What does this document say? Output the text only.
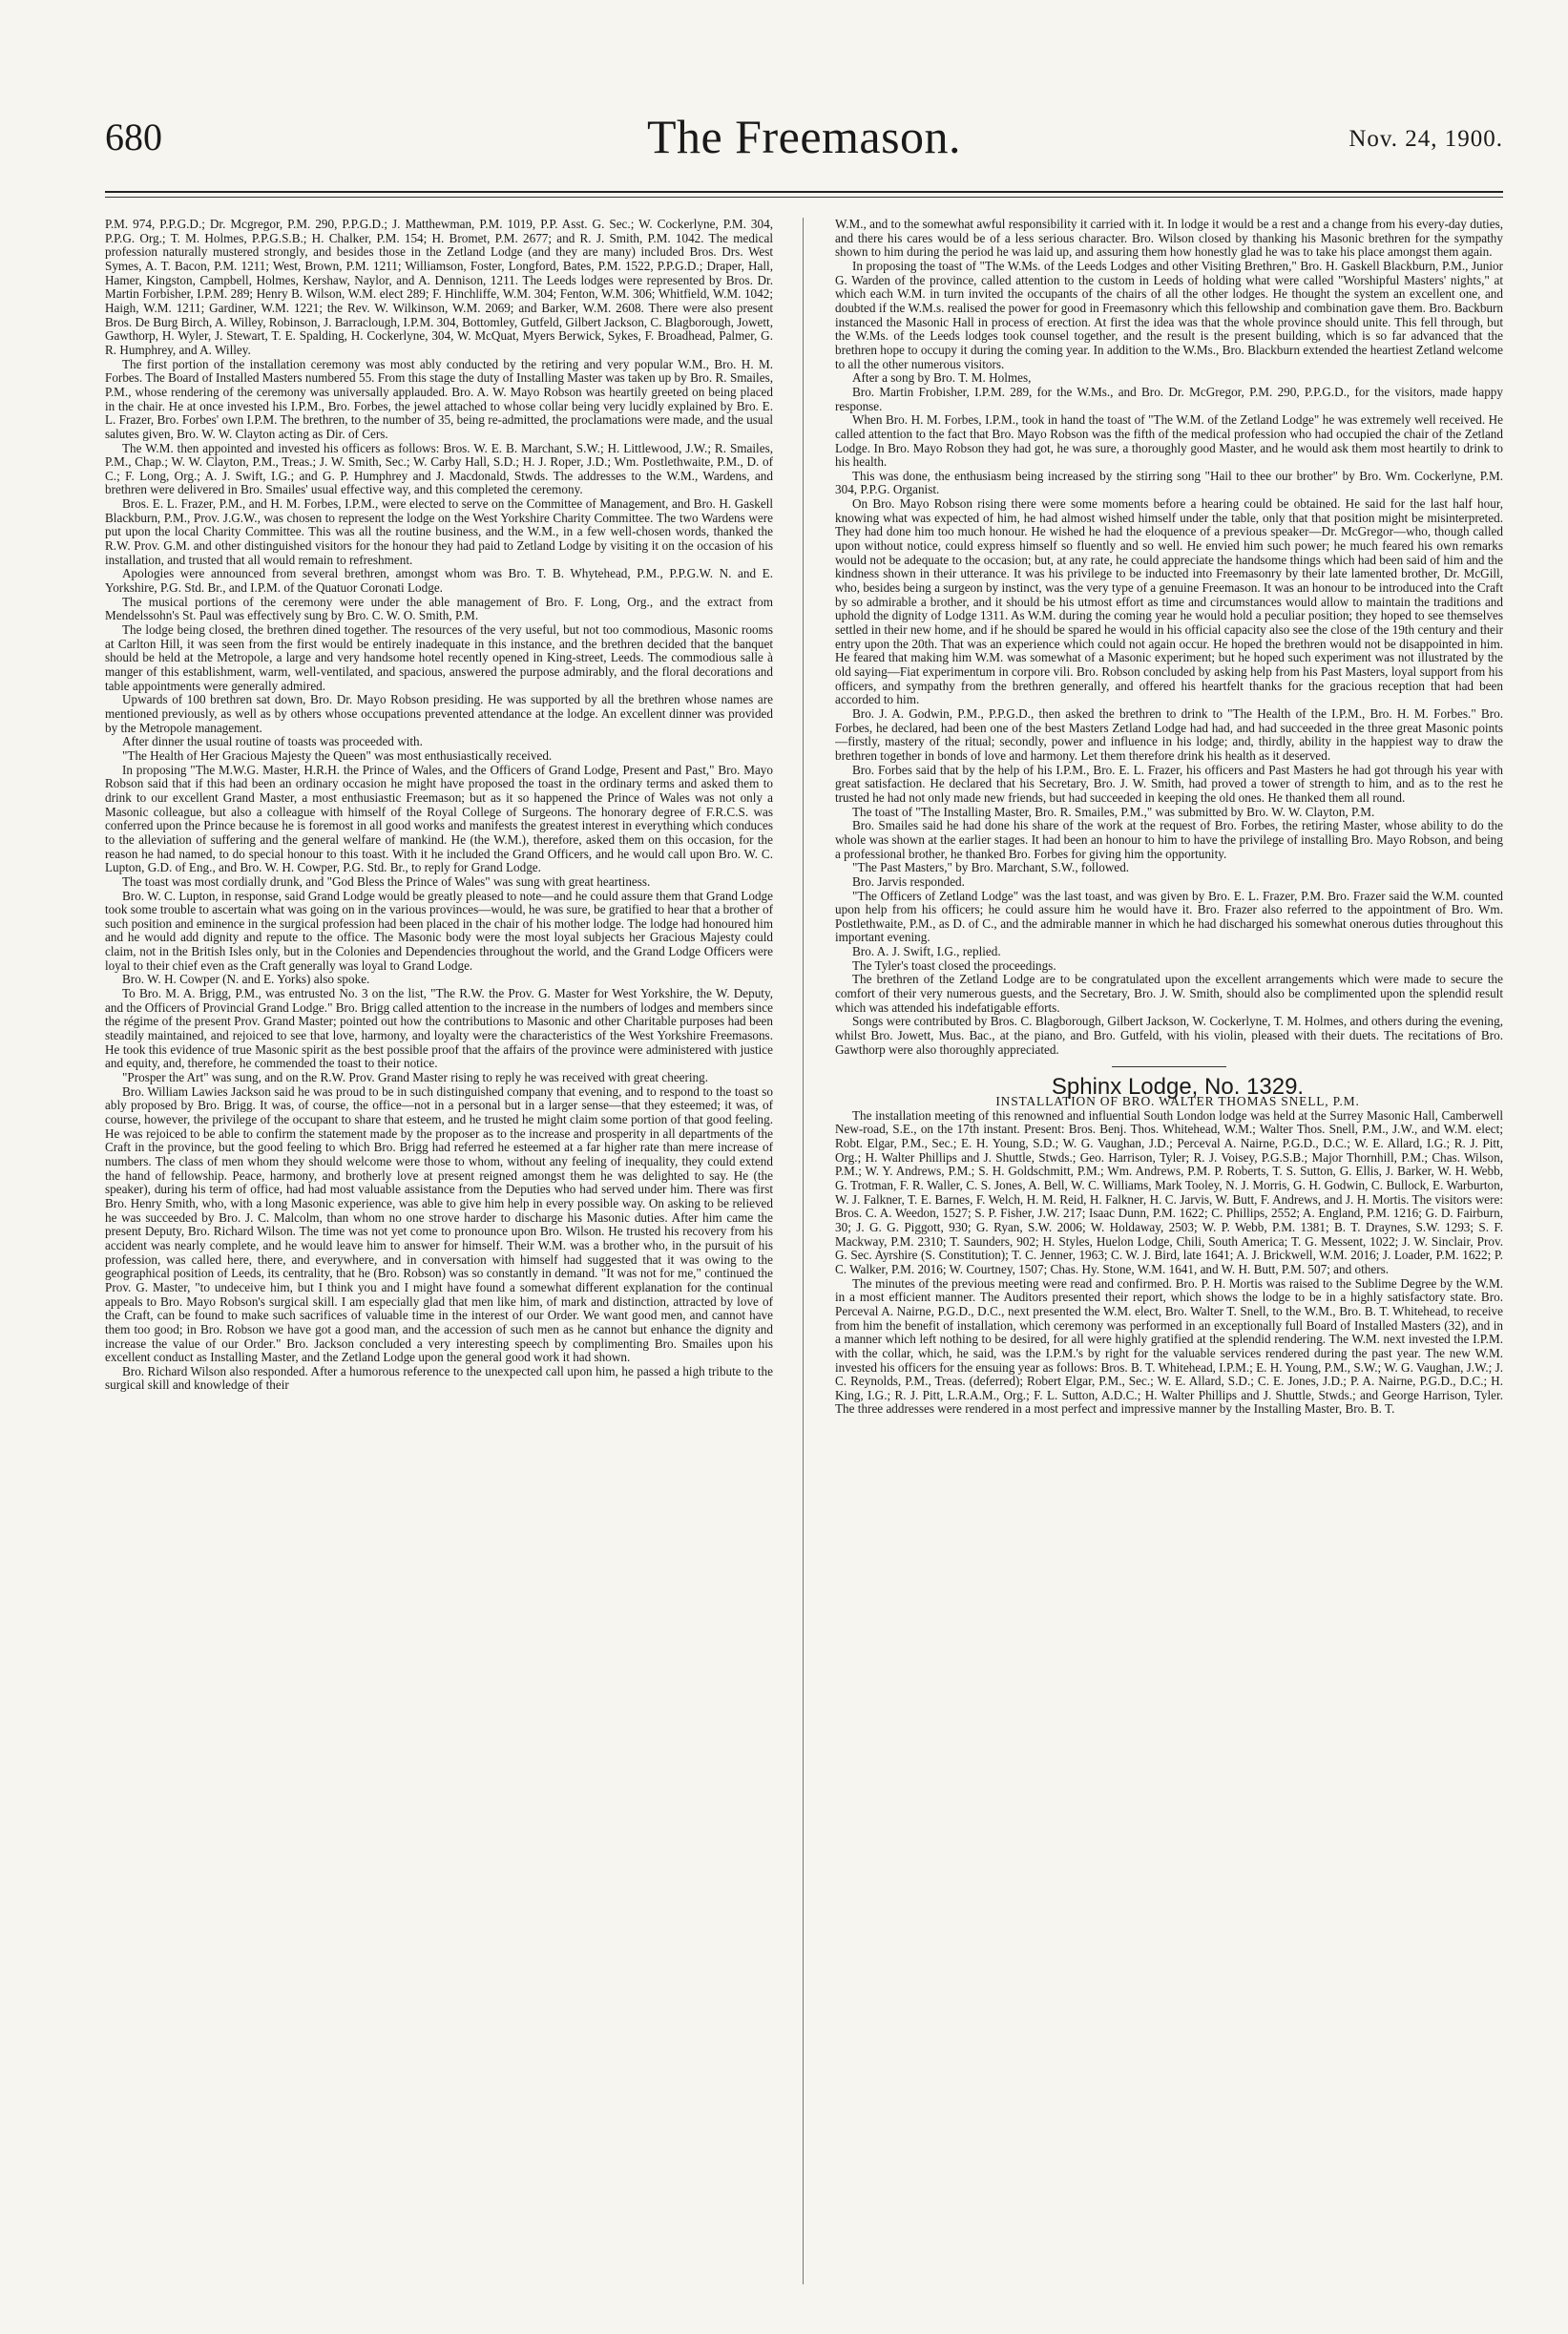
680	The Freemason.	Nov. 24, 1900.

P.M. 974, P.P.G.D.; Dr. Mcgregor, P.M. 290, P.P.G.D.; J. Matthewman, P.M. 1019, P.P. Asst. G. Sec.; W. Cockerlyne, P.M. 304, P.P.G. Org.; T. M. Holmes, P.P.G.S.B.; H. Chalker, P.M. 154; H. Bromet, P.M. 2677; and R. J. Smith, P.M. 1042. The medical profession naturally mustered strongly, and besides those in the Zetland Lodge (and they are many) included Bros. Drs. West Symes, A. T. Bacon, P.M. 1211; West, Brown, P.M. 1211; Williamson, Foster, Longford, Bates, P.M. 1522, P.P.G.D.; Draper, Hall, Hamer, Kingston, Campbell, Holmes, Kershaw, Naylor, and A. Dennison, 1211. The Leeds lodges were represented by Bros. Dr. Martin Forbisher, I.P.M. 289; Henry B. Wilson, W.M. elect 289; F. Hinchliffe, W.M. 304; Fenton, W.M. 306; Whitfield, W.M. 1042; Haigh, W.M. 1211; Gardiner, W.M. 1221; the Rev. W. Wilkinson, W.M. 2069; and Barker, W.M. 2608. There were also present Bros. De Burg Birch, A. Willey, Robinson, J. Barraclough, I.P.M. 304, Bottomley, Gutfeld, Gilbert Jackson, C. Blagborough, Jowett, Gawthorp, H. Wyler, J. Stewart, T. E. Spalding, H. Cockerlyne, 304, W. McQuat, Myers Berwick, Sykes, F. Broadhead, Palmer, G. R. Humphrey, and A. Willey.

The first portion of the installation ceremony was most ably conducted by the retiring and very popular W.M., Bro. H. M. Forbes. The Board of Installed Masters numbered 55. From this stage the duty of Installing Master was taken up by Bro. R. Smailes, P.M., whose rendering of the ceremony was universally applauded. Bro. A. W. Mayo Robson was heartily greeted on being placed in the chair. He at once invested his I.P.M., Bro. Forbes, the jewel attached to whose collar being very lucidly explained by Bro. E. L. Frazer, Bro. Forbes' own I.P.M. The brethren, to the number of 35, being re-admitted, the proclamations were made, and the usual salutes given, Bro. W. W. Clayton acting as Dir. of Cers.

The W.M. then appointed and invested his officers as follows: Bros. W. E. B. Marchant, S.W.; H. Littlewood, J.W.; R. Smailes, P.M., Chap.; W. W. Clayton, P.M., Treas.; J. W. Smith, Sec.; W. Carby Hall, S.D.; H. J. Roper, J.D.; Wm. Postlethwaite, P.M., D. of C.; F. Long, Org.; A. J. Swift, I.G.; and G. P. Humphrey and J. Macdonald, Stwds. The addresses to the W.M., Wardens, and brethren were delivered in Bro. Smailes' usual effective way, and this completed the ceremony.

Bros. E. L. Frazer, P.M., and H. M. Forbes, I.P.M., were elected to serve on the Committee of Management, and Bro. H. Gaskell Blackburn, P.M., Prov. J.G.W., was chosen to represent the lodge on the West Yorkshire Charity Committee. The two Wardens were put upon the local Charity Committee. This was all the routine business, and the W.M., in a few well-chosen words, thanked the R.W. Prov. G.M. and other distinguished visitors for the honour they had paid to Zetland Lodge by visiting it on the occasion of his installation, and trusted that all would remain to refreshment.

Apologies were announced from several brethren, amongst whom was Bro. T. B. Whytehead, P.M., P.P.G.W. N. and E. Yorkshire, P.G. Std. Br., and I.P.M. of the Quatuor Coronati Lodge.

The musical portions of the ceremony were under the able management of Bro. F. Long, Org., and the extract from Mendelssohn's St. Paul was effectively sung by Bro. C. W. O. Smith, P.M.

The lodge being closed, the brethren dined together. The resources of the very useful, but not too commodious, Masonic rooms at Carlton Hill, it was seen from the first would be entirely inadequate in this instance, and the brethren decided that the banquet should be held at the Metropole, a large and very handsome hotel recently opened in King-street, Leeds. The commodious salle à manger of this establishment, warm, well-ventilated, and spacious, answered the purpose admirably, and the floral decorations and table appointments were generally admired.

Upwards of 100 brethren sat down, Bro. Dr. Mayo Robson presiding. He was supported by all the brethren whose names are mentioned previously, as well as by others whose occupations prevented attendance at the lodge. An excellent dinner was provided by the Metropole management.

After dinner the usual routine of toasts was proceeded with.

"The Health of Her Gracious Majesty the Queen" was most enthusiastically received.

In proposing "The M.W.G. Master, H.R.H. the Prince of Wales, and the Officers of Grand Lodge, Present and Past," Bro. Mayo Robson said that if this had been an ordinary occasion he might have proposed the toast in the ordinary terms and asked them to drink to our excellent Grand Master, a most enthusiastic Freemason; but as it so happened the Prince of Wales was not only a Masonic colleague, but also a colleague with himself of the Royal College of Surgeons. The honorary degree of F.R.C.S. was conferred upon the Prince because he is foremost in all good works and manifests the greatest interest in everything which conduces to the alleviation of suffering and the general welfare of mankind. He (the W.M.), therefore, asked them on this occasion, for the reason he had named, to do special honour to this toast. With it he included the Grand Officers, and he would call upon Bro. W. C. Lupton, G.D. of Eng., and Bro. W. H. Cowper, P.G. Std. Br., to reply for Grand Lodge.

The toast was most cordially drunk, and "God Bless the Prince of Wales" was sung with great heartiness.

Bro. W. C. Lupton, in response, said Grand Lodge would be greatly pleased to note—and he could assure them that Grand Lodge took some trouble to ascertain what was going on in the various provinces—would, he was sure, be gratified to hear that a brother of such position and eminence in the surgical profession had been placed in the chair of his mother lodge. The lodge had honoured him and he would add dignity and repute to the office. The Masonic body were the most loyal subjects her Gracious Majesty could claim, not in the British Isles only, but in the Colonies and Dependencies throughout the world, and the Grand Lodge Officers were loyal to their chief even as the Craft generally was loyal to Grand Lodge.

Bro. W. H. Cowper (N. and E. Yorks) also spoke.

To Bro. M. A. Brigg, P.M., was entrusted No. 3 on the list, "The R.W. the Prov. G. Master for West Yorkshire, the W. Deputy, and the Officers of Provincial Grand Lodge." Bro. Brigg called attention to the increase in the numbers of lodges and members since the régime of the present Prov. Grand Master; pointed out how the contributions to Masonic and other Charitable purposes had been steadily maintained, and rejoiced to see that love, harmony, and loyalty were the characteristics of the West Yorkshire Freemasons. He took this evidence of true Masonic spirit as the best possible proof that the affairs of the province were administered with justice and equity, and, therefore, he commended the toast to their notice.

"Prosper the Art" was sung, and on the R.W. Prov. Grand Master rising to reply he was received with great cheering.

Bro. William Lawies Jackson said he was proud to be in such distinguished company that evening, and to respond to the toast so ably proposed by Bro. Brigg. It was, of course, the office—not in a personal but in a larger sense—that they esteemed; it was, of course, however, the privilege of the occupant to share that esteem, and he trusted he might claim some portion of that good feeling. He was rejoiced to be able to confirm the statement made by the proposer as to the increase and prosperity in all departments of the Craft in the province, but the good feeling to which Bro. Brigg had referred he esteemed at a far higher rate than mere increase of numbers. The class of men whom they should welcome were those to whom, without any feeling of inequality, they could extend the hand of fellowship. Peace, harmony, and brotherly love at present reigned amongst them he was delighted to say. He (the speaker), during his term of office, had had most valuable assistance from the Deputies who had served under him. There was first Bro. Henry Smith, who, with a long Masonic experience, was able to give him help in every possible way. On asking to be relieved he was succeeded by Bro. J. C. Malcolm, than whom no one strove harder to discharge his Masonic duties. After him came the present Deputy, Bro. Richard Wilson. The time was not yet come to pronounce upon Bro. Wilson. He trusted his recovery from his accident was nearly complete, and he would leave him to answer for himself. Their W.M. was a brother who, in the pursuit of his profession, was called here, there, and everywhere, and in conversation with himself had suggested that it was owing to the geographical position of Leeds, its centrality, that he (Bro. Robson) was so constantly in demand. "It was not for me," continued the Prov. G. Master, "to undeceive him, but I think you and I might have found a somewhat different explanation for the continual appeals to Bro. Mayo Robson's surgical skill. I am especially glad that men like him, of mark and distinction, attracted by love of the Craft, can be found to make such sacrifices of valuable time in the interest of our Order. We want good men, and cannot have them too good; in Bro. Robson we have got a good man, and the accession of such men as he cannot but enhance the dignity and increase the value of our Order." Bro. Jackson concluded a very interesting speech by complimenting Bro. Smailes upon his excellent conduct as Installing Master, and the Zetland Lodge upon the general good work it had shown.

Bro. Richard Wilson also responded. After a humorous reference to the unexpected call upon him, he passed a high tribute to the surgical skill and knowledge of their

W.M., and to the somewhat awful responsibility it carried with it. In lodge it would be a rest and a change from his every-day duties, and there his cares would be of a less serious character. Bro. Wilson closed by thanking his Masonic brethren for the sympathy shown to him during the period he was laid up, and assuring them how honestly glad he was to take his place amongst them again.

In proposing the toast of "The W.Ms. of the Leeds Lodges and other Visiting Brethren," Bro. H. Gaskell Blackburn, P.M., Junior G. Warden of the province, called attention to the custom in Leeds of holding what were called "Worshipful Masters' nights," at which each W.M. in turn invited the occupants of the chairs of all the other lodges. He thought the system an excellent one, and doubted if the W.M.s. realised the power for good in Freemasonry which this fellowship and combination gave them. Bro. Backburn instanced the Masonic Hall in process of erection. At first the idea was that the whole province should unite. This fell through, but the W.Ms. of the Leeds lodges took counsel together, and the result is the present building, which is so far advanced that the brethren hope to occupy it during the coming year. In addition to the W.Ms., Bro. Blackburn extended the heartiest Zetland welcome to all the other numerous visitors.

After a song by Bro. T. M. Holmes,

Bro. Martin Frobisher, I.P.M. 289, for the W.Ms., and Bro. Dr. McGregor, P.M. 290, P.P.G.D., for the visitors, made happy response.

When Bro. H. M. Forbes, I.P.M., took in hand the toast of "The W.M. of the Zetland Lodge" he was extremely well received. He called attention to the fact that Bro. Mayo Robson was the fifth of the medical profession who had occupied the chair of the Zetland Lodge. In Bro. Mayo Robson they had got, he was sure, a thoroughly good Master, and he would ask them most heartily to drink to his health.

This was done, the enthusiasm being increased by the stirring song "Hail to thee our brother" by Bro. Wm. Cockerlyne, P.M. 304, P.P.G. Organist.

On Bro. Mayo Robson rising there were some moments before a hearing could be obtained. He said for the last half hour, knowing what was expected of him, he had almost wished himself under the table, only that that position might be misinterpreted. They had done him too much honour. He wished he had the eloquence of a previous speaker—Dr. McGregor—who, though called upon without notice, could express himself so fluently and so well. He envied him such power; he much feared his own remarks would not be adequate to the occasion; but, at any rate, he could appreciate the handsome things which had been said of him and the kindness shown in their utterance. It was his privilege to be inducted into Freemasonry by their late lamented brother, Dr. McGill, who, besides being a surgeon by instinct, was the very type of a genuine Freemason. It was an honour to be introduced into the Craft by so admirable a brother, and it should be his utmost effort as time and circumstances would allow to maintain the traditions and uphold the dignity of Lodge 1311. As W.M. during the coming year he would hold a peculiar position; they hoped to see themselves settled in their new home, and if he should be spared he would in his official capacity also see the close of the 19th century and their entry upon the 20th. That was an experience which could not again occur. He hoped the brethren would not be disappointed in him. He feared that making him W.M. was somewhat of a Masonic experiment; but he hoped such experiment was not illustrated by the old saying—Fiat experimentum in corpore vili. Bro. Robson concluded by asking help from his Past Masters, loyal support from his officers, and sympathy from the brethren generally, and offered his heartfelt thanks for the gracious reception that had been accorded to him.

Bro. J. A. Godwin, P.M., P.P.G.D., then asked the brethren to drink to "The Health of the I.P.M., Bro. H. M. Forbes." Bro. Forbes, he declared, had been one of the best Masters Zetland Lodge had had, and had succeeded in the three great Masonic points—firstly, mastery of the ritual; secondly, power and influence in his lodge; and, thirdly, ability in the happiest way to draw the brethren together in bonds of love and harmony. Let them therefore drink his health as it deserved.

Bro. Forbes said that by the help of his I.P.M., Bro. E. L. Frazer, his officers and Past Masters he had got through his year with great satisfaction. He declared that his Secretary, Bro. J. W. Smith, had proved a tower of strength to him, and as to the rest he trusted he had not only made new friends, but had succeeded in keeping the old ones. He thanked them all round.

The toast of "The Installing Master, Bro. R. Smailes, P.M.," was submitted by Bro. W. W. Clayton, P.M.

Bro. Smailes said he had done his share of the work at the request of Bro. Forbes, the retiring Master, whose ability to do the whole was shown at the earlier stages. It had been an honour to him to have the privilege of installing Bro. Mayo Robson, and being a professional brother, he thanked Bro. Forbes for giving him the opportunity.

"The Past Masters," by Bro. Marchant, S.W., followed.

Bro. Jarvis responded.

"The Officers of Zetland Lodge" was the last toast, and was given by Bro. E. L. Frazer, P.M. Bro. Frazer said the W.M. counted upon help from his officers; he could assure him he would have it. Bro. Frazer also referred to the appointment of Bro. Wm. Postlethwaite, P.M., as D. of C., and the admirable manner in which he had discharged his somewhat onerous duties throughout this important evening.

Bro. A. J. Swift, I.G., replied.

The Tyler's toast closed the proceedings.

The brethren of the Zetland Lodge are to be congratulated upon the excellent arrangements which were made to secure the comfort of their very numerous guests, and the Secretary, Bro. J. W. Smith, should also be complimented upon the splendid result which was attended his indefatigable efforts.

Songs were contributed by Bros. C. Blagborough, Gilbert Jackson, W. Cockerlyne, T. M. Holmes, and others during the evening, whilst Bro. Jowett, Mus. Bac., at the piano, and Bro. Gutfeld, with his violin, pleased with their duets. The recitations of Bro. Gawthorp were also thoroughly appreciated.

Sphinx Lodge, No. 1329.

INSTALLATION OF BRO. WALTER THOMAS SNELL, P.M.

The installation meeting of this renowned and influential South London lodge was held at the Surrey Masonic Hall, Camberwell New-road, S.E., on the 17th instant. Present: Bros. Benj. Thos. Whitehead, W.M.; Walter Thos. Snell, P.M., J.W., and W.M. elect; Robt. Elgar, P.M., Sec.; E. H. Young, S.D.; W. G. Vaughan, J.D.; Perceval A. Nairne, P.G.D., D.C.; W. E. Allard, I.G.; R. J. Pitt, Org.; H. Walter Phillips and J. Shuttle, Stwds.; Geo. Harrison, Tyler; R. J. Voisey, P.G.S.B.; Major Thornhill, P.M.; Chas. Wilson, P.M.; W. Y. Andrews, P.M.; S. H. Goldschmitt, P.M.; Wm. Andrews, P.M. P. Roberts, T. S. Sutton, G. Ellis, J. Barker, W. H. Webb, G. Trotman, F. R. Waller, C. S. Jones, A. Bell, W. C. Williams, Mark Tooley, N. J. Morris, G. H. Godwin, C. Bullock, E. Warburton, W. J. Falkner, T. E. Barnes, F. Welch, H. M. Reid, H. Falkner, H. C. Jarvis, W. Butt, F. Andrews, and J. H. Mortis. The visitors were: Bros. C. A. Weedon, 1527; S. P. Fisher, J.W. 217; Isaac Dunn, P.M. 1622; C. Phillips, 2552; A. England, P.M. 1216; G. D. Fairburn, 30; J. G. G. Piggott, 930; G. Ryan, S.W. 2006; W. Holdaway, 2503; W. P. Webb, P.M. 1381; B. T. Draynes, S.W. 1293; S. F. Mackway, P.M. 2310; T. Saunders, 902; H. Styles, Huelon Lodge, Chili, South America; T. G. Messent, 1022; J. W. Sinclair, Prov. G. Sec. Ayrshire (S. Constitution); T. C. Jenner, 1963; C. W. J. Bird, late 1641; A. J. Brickwell, W.M. 2016; J. Loader, P.M. 1622; P. C. Walker, P.M. 2016; W. Courtney, 1507; Chas. Hy. Stone, W.M. 1641, and W. H. Butt, P.M. 507; and others.

The minutes of the previous meeting were read and confirmed. Bro. P. H. Mortis was raised to the Sublime Degree by the W.M. in a most efficient manner. The Auditors presented their report, which shows the lodge to be in a highly satisfactory state. Bro. Perceval A. Nairne, P.G.D., D.C., next presented the W.M. elect, Bro. Walter T. Snell, to the W.M., Bro. B. T. Whitehead, to receive from him the benefit of installation, which ceremony was performed in an exceptionally full Board of Installed Masters (32), and in a manner which left nothing to be desired, for all were highly gratified at the splendid rendering. The W.M. next invested the I.P.M. with the collar, which, he said, was the I.P.M.'s by right for the valuable services rendered during the past year. The new W.M. invested his officers for the ensuing year as follows: Bros. B. T. Whitehead, I.P.M.; E. H. Young, P.M., S.W.; W. G. Vaughan, J.W.; J. C. Reynolds, P.M., Treas. (deferred); Robert Elgar, P.M., Sec.; W. E. Allard, S.D.; C. E. Jones, J.D.; P. A. Nairne, P.G.D., D.C.; H. King, I.G.; R. J. Pitt, L.R.A.M., Org.; F. L. Sutton, A.D.C.; H. Walter Phillips and J. Shuttle, Stwds.; and George Harrison, Tyler. The three addresses were rendered in a most perfect and impressive manner by the Installing Master, Bro. B. T.
